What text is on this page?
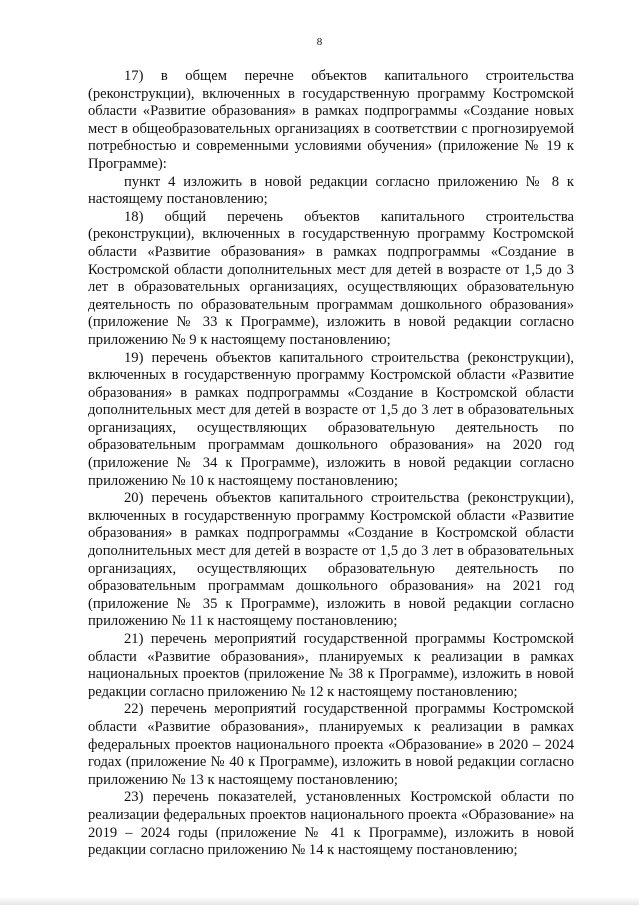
8

17) в общем перечне объектов капитального строительства (реконструкции), включенных в государственную программу Костромской области «Развитие образования» в рамках подпрограммы «Создание новых мест в общеобразовательных организациях в соответствии с прогнозируемой потребностью и современными условиями обучения» (приложение № 19 к Программе):

пункт 4 изложить в новой редакции согласно приложению № 8 к настоящему постановлению;

18) общий перечень объектов капитального строительства (реконструкции), включенных в государственную программу Костромской области «Развитие образования» в рамках подпрограммы «Создание в Костромской области дополнительных мест для детей в возрасте от 1,5 до 3 лет в образовательных организациях, осуществляющих образовательную деятельность по образовательным программам дошкольного образования» (приложение № 33 к Программе), изложить в новой редакции согласно приложению № 9 к настоящему постановлению;

19) перечень объектов капитального строительства (реконструкции), включенных в государственную программу Костромской области «Развитие образования» в рамках подпрограммы «Создание в Костромской области дополнительных мест для детей в возрасте от 1,5 до 3 лет в образовательных организациях, осуществляющих образовательную деятельность по образовательным программам дошкольного образования» на 2020 год (приложение № 34 к Программе), изложить в новой редакции согласно приложению № 10 к настоящему постановлению;

20) перечень объектов капитального строительства (реконструкции), включенных в государственную программу Костромской области «Развитие образования» в рамках подпрограммы «Создание в Костромской области дополнительных мест для детей в возрасте от 1,5 до 3 лет в образовательных организациях, осуществляющих образовательную деятельность по образовательным программам дошкольного образования» на 2021 год (приложение № 35 к Программе), изложить в новой редакции согласно приложению № 11 к настоящему постановлению;

21) перечень мероприятий государственной программы Костромской области «Развитие образования», планируемых к реализации в рамках национальных проектов (приложение № 38 к Программе), изложить в новой редакции согласно приложению № 12 к настоящему постановлению;

22) перечень мероприятий государственной программы Костромской области «Развитие образования», планируемых к реализации в рамках федеральных проектов национального проекта «Образование» в 2020 – 2024 годах (приложение № 40 к Программе), изложить в новой редакции согласно приложению № 13 к настоящему постановлению;

23) перечень показателей, установленных Костромской области по реализации федеральных проектов национального проекта «Образование» на 2019 – 2024 годы (приложение № 41 к Программе), изложить в новой редакции согласно приложению № 14 к настоящему постановлению;
